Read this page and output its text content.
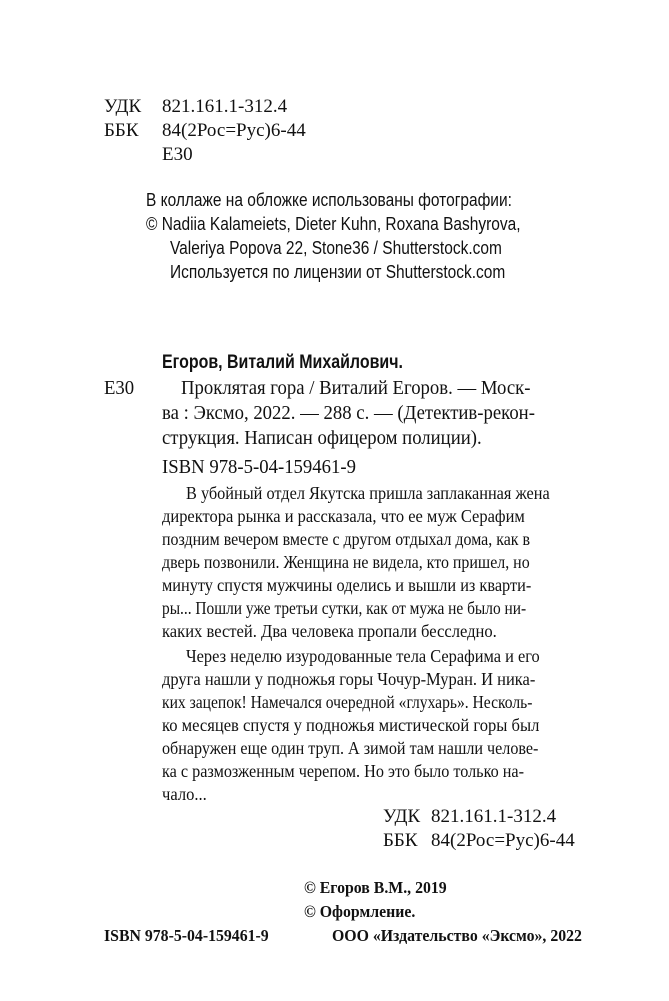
УДК 821.161.1-312.4
ББК 84(2Рос=Рус)6-44
Е30
В коллаже на обложке использованы фотографии:
© Nadiia Kalameiets, Dieter Kuhn, Roxana Bashyrova,
Valeriya Popova 22, Stone36 / Shutterstock.com
Используется по лицензии от Shutterstock.com
Егоров, Виталий Михайлович.
Е30 Проклятая гора / Виталий Егоров. — Моск-
ва : Эксмо, 2022. — 288 с. — (Детектив-рекон-
струкция. Написан офицером полиции).
ISBN 978-5-04-159461-9
В убойный отдел Якутска пришла заплаканная жена
директора рынка и рассказала, что ее муж Серафим
поздним вечером вместе с другом отдыхал дома, как в
дверь позвонили. Женщина не видела, кто пришел, но
минуту спустя мужчины оделись и вышли из кварти-
ры... Пошли уже третьи сутки, как от мужа не было ни-
каких вестей. Два человека пропали бесследно.
Через неделю изуродованные тела Серафима и его
друга нашли у подножья горы Чочур-Муран. И ника-
ких зацепок! Намечался очередной «глухарь». Несколь-
ко месяцев спустя у подножья мистической горы был
обнаружен еще один труп. А зимой там нашли челове-
ка с размозженным черепом. Но это было только на-
чало...
УДК 821.161.1-312.4
ББК 84(2Рос=Рус)6-44
© Егоров В.М., 2019
© Оформление.
ООО «Издательство «Эксмо», 2022
ISBN 978-5-04-159461-9
